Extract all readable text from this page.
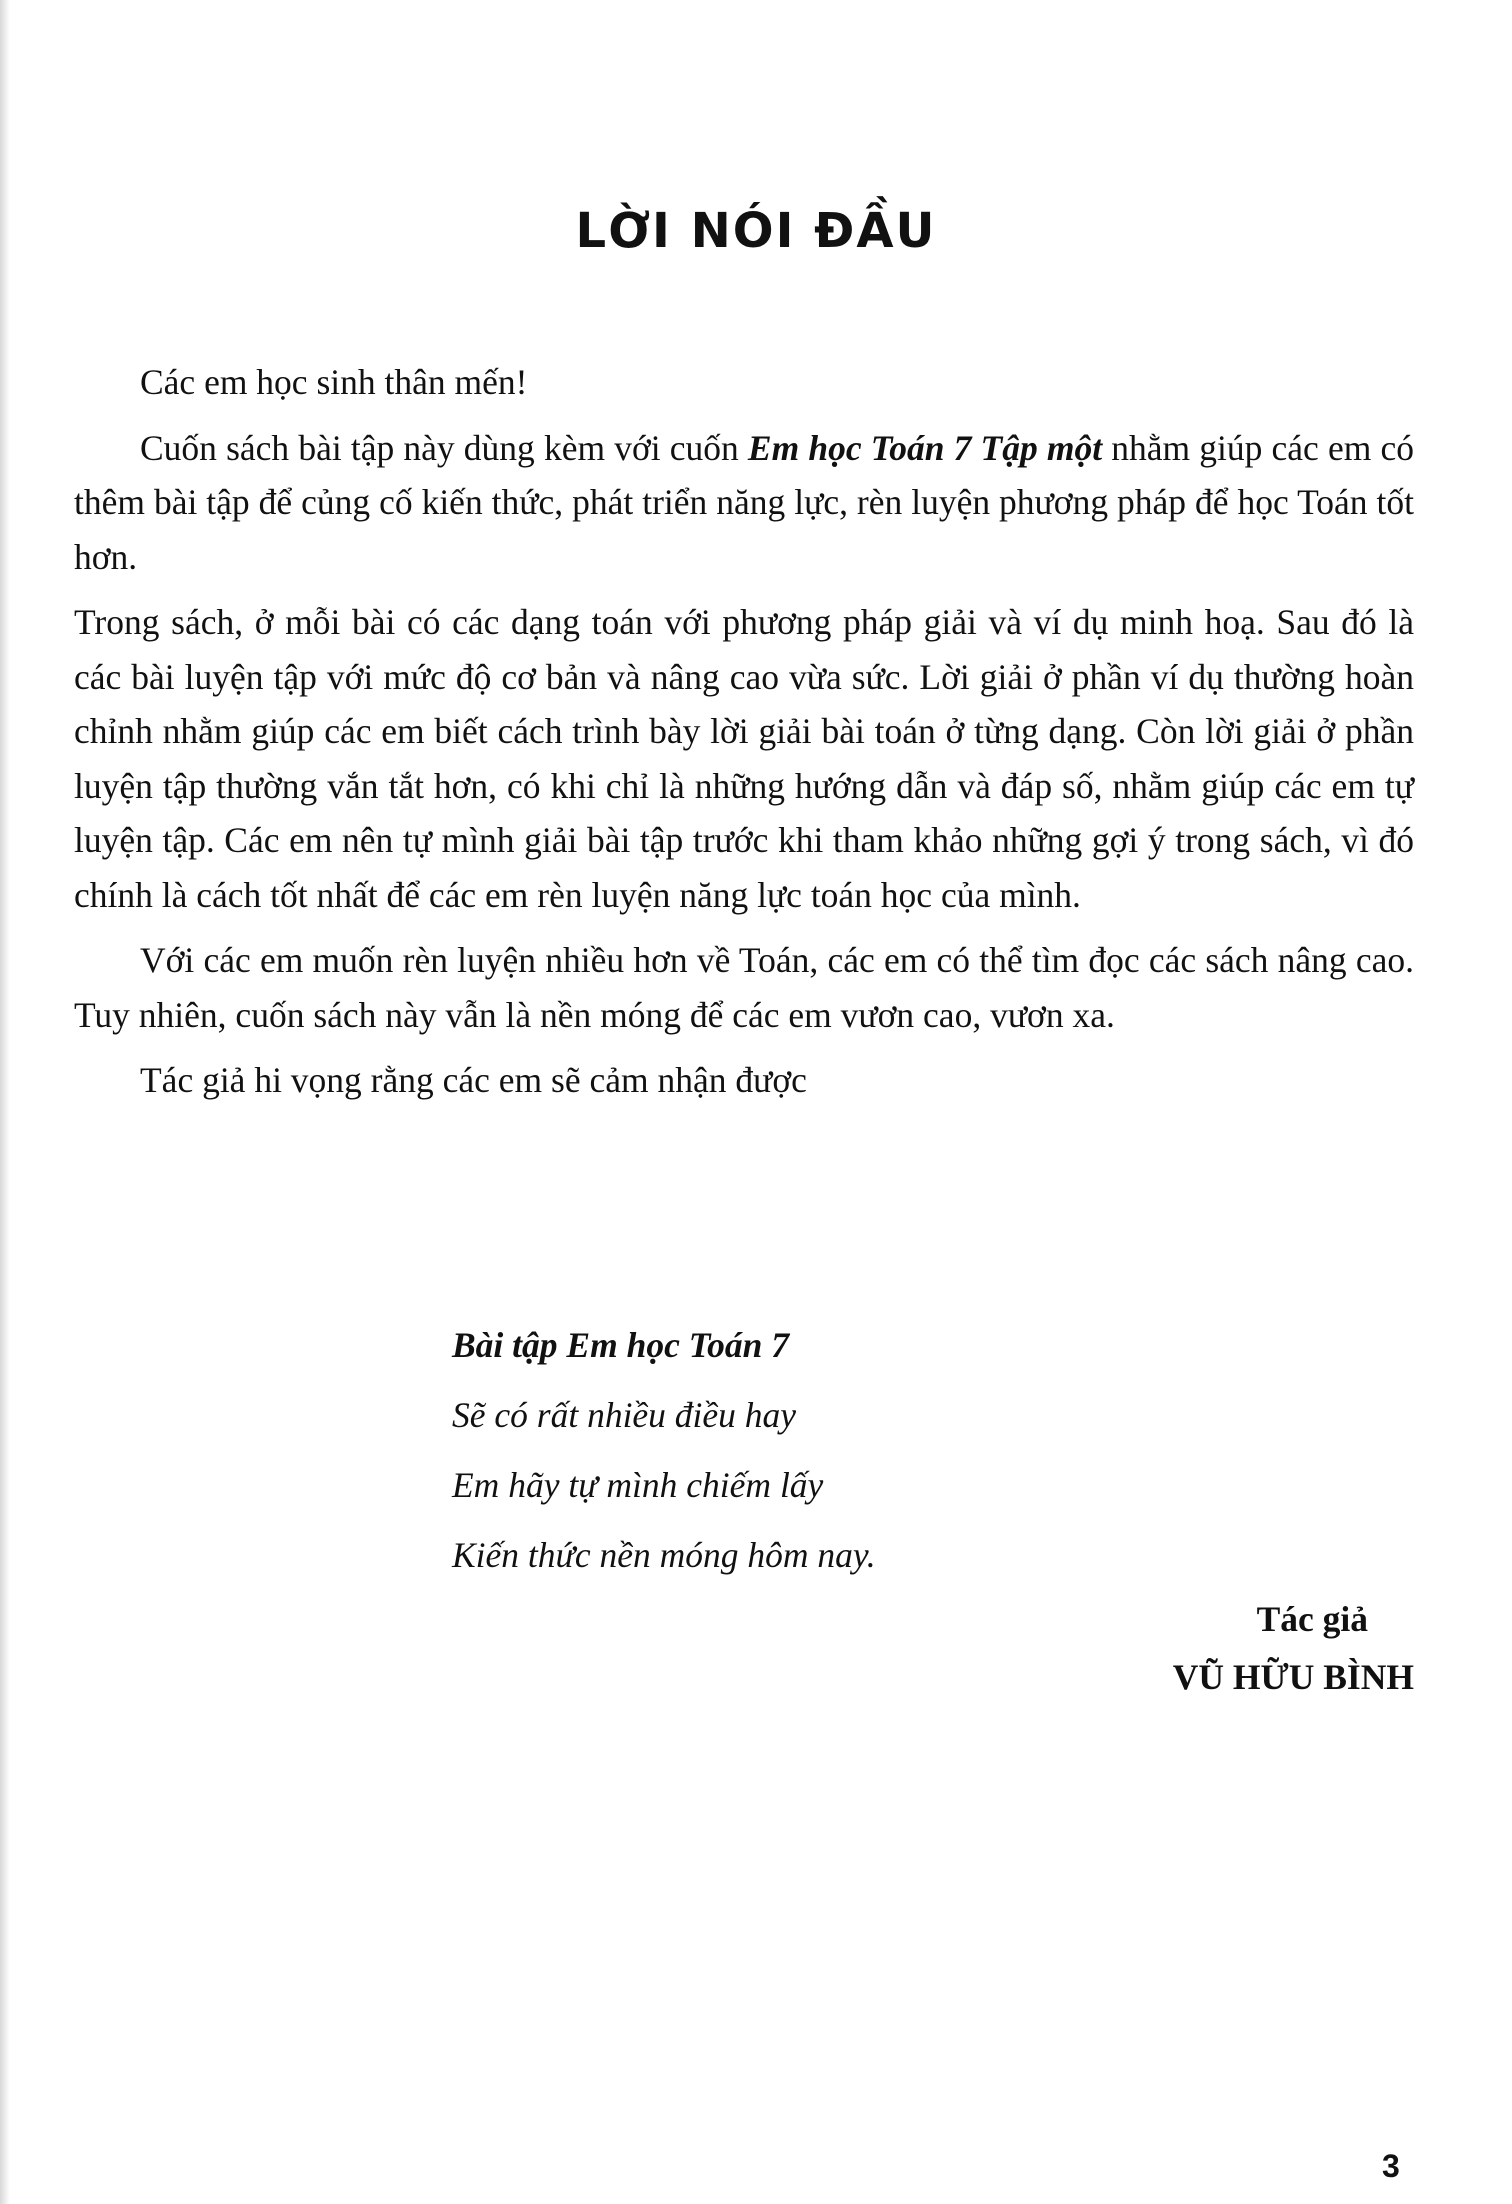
LỜI NÓI ĐẦU

Các em học sinh thân mến!

Cuốn sách bài tập này dùng kèm với cuốn Em học Toán 7 Tập một nhằm giúp các em có thêm bài tập để củng cố kiến thức, phát triển năng lực, rèn luyện phương pháp để học Toán tốt hơn.

Trong sách, ở mỗi bài có các dạng toán với phương pháp giải và ví dụ minh hoạ. Sau đó là các bài luyện tập với mức độ cơ bản và nâng cao vừa sức. Lời giải ở phần ví dụ thường hoàn chỉnh nhằm giúp các em biết cách trình bày lời giải bài toán ở từng dạng. Còn lời giải ở phần luyện tập thường vắn tắt hơn, có khi chỉ là những hướng dẫn và đáp số, nhằm giúp các em tự luyện tập. Các em nên tự mình giải bài tập trước khi tham khảo những gợi ý trong sách, vì đó chính là cách tốt nhất để các em rèn luyện năng lực toán học của mình.

Với các em muốn rèn luyện nhiều hơn về Toán, các em có thể tìm đọc các sách nâng cao. Tuy nhiên, cuốn sách này vẫn là nền móng để các em vươn cao, vươn xa.

Tác giả hi vọng rằng các em sẽ cảm nhận được

Bài tập Em học Toán 7
Sẽ có rất nhiều điều hay
Em hãy tự mình chiếm lấy
Kiến thức nền móng hôm nay.
Tác giả
VŨ HỮU BÌNH
3
